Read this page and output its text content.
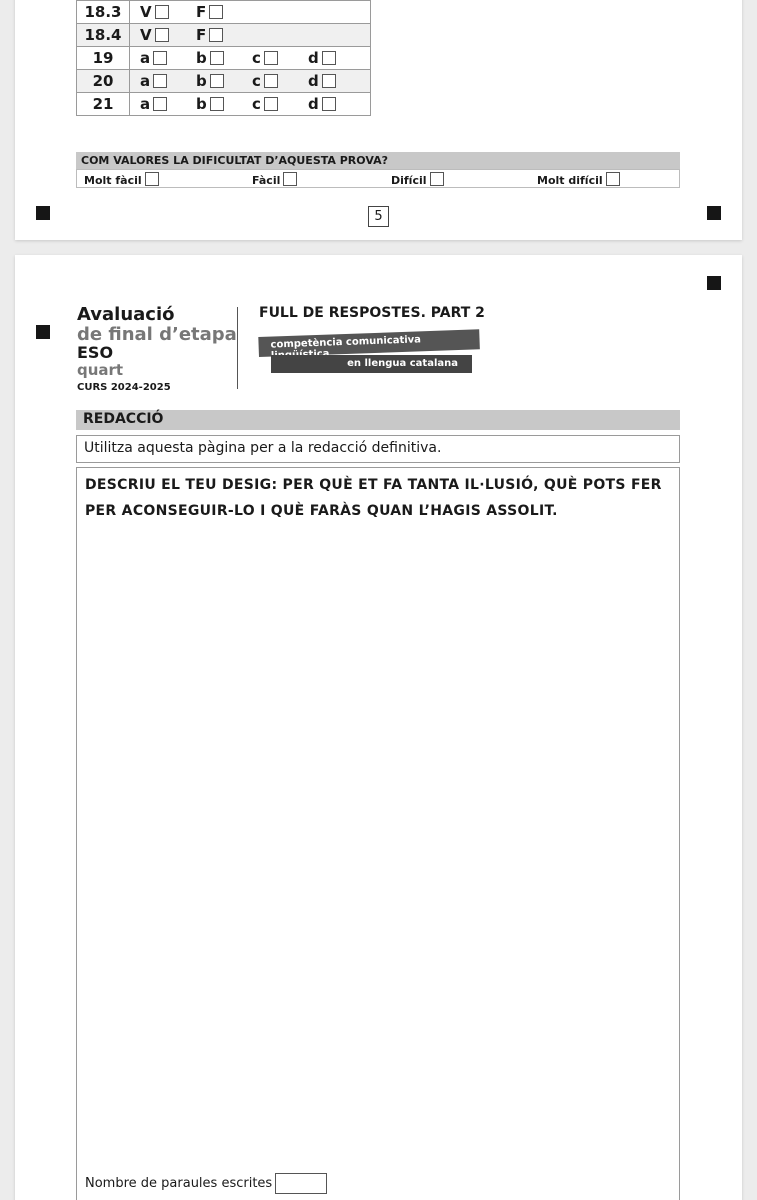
18.3	V F
18.4	V F
19	a b c d
20	a b c d
21	a b c d
COM VALORES LA DIFICULTAT D’AQUESTA PROVA?
Molt fàcil	Fàcil	Difícil	Molt difícil
5
Avaluació
de final d’etapa
ESO
quart
CURS 2024-2025
FULL DE RESPOSTES. PART 2
competència comunicativa
en llengua catalana
REDACCIÓ
Utilitza aquesta pàgina per a la redacció definitiva.
DESCRIU EL TEU DESIG: PER QUÈ ET FA TANTA IL·LUSIÓ, QUÈ POTS FER PER ACONSEGUIR-LO I QUÈ FARÀS QUAN L’HAGIS ASSOLIT.
Nombre de paraules escrites
